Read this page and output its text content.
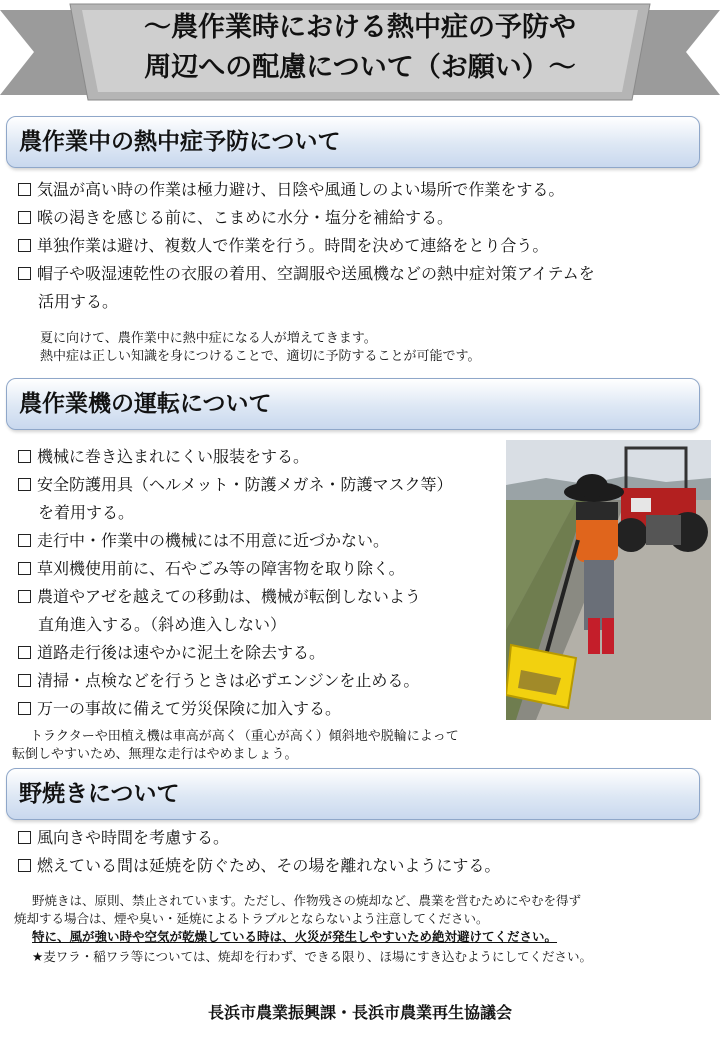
～農作業時における熱中症の予防や
周辺への配慮について（お願い）～
農作業中の熱中症予防について
気温が高い時の作業は極力避け、日陰や風通しのよい場所で作業をする。
喉の渇きを感じる前に、こまめに水分・塩分を補給する。
単独作業は避け、複数人で作業を行う。時間を決めて連絡をとり合う。
帽子や吸湿速乾性の衣服の着用、空調服や送風機などの熱中症対策アイテムを
活用する。
夏に向けて、農作業中に熱中症になる人が増えてきます。
熱中症は正しい知識を身につけることで、適切に予防することが可能です。
農作業機の運転について
機械に巻き込まれにくい服装をする。
安全防護用具（ヘルメット・防護メガネ・防護マスク等）
を着用する。
走行中・作業中の機械には不用意に近づかない。
草刈機使用前に、石やごみ等の障害物を取り除く。
農道やアゼを越えての移動は、機械が転倒しないよう
直角進入する。（斜め進入しない）
道路走行後は速やかに泥土を除去する。
清掃・点検などを行うときは必ずエンジンを止める。
万一の事故に備えて労災保険に加入する。
トラクターや田植え機は車高が高く（重心が高く）傾斜地や脱輪によって
転倒しやすいため、無理な走行はやめましょう。
野焼きについて
風向きや時間を考慮する。
燃えている間は延焼を防ぐため、その場を離れないようにする。
野焼きは、原則、禁止されています。ただし、作物残さの焼却など、農業を営むためにやむを得ず
焼却する場合は、煙や臭い・延焼によるトラブルとならないよう注意してください。
特に、風が強い時や空気が乾燥している時は、火災が発生しやすいため絶対避けてください。
★麦ワラ・稲ワラ等については、焼却を行わず、できる限り、ほ場にすき込むようにしてください。
長浜市農業振興課・長浜市農業再生協議会
